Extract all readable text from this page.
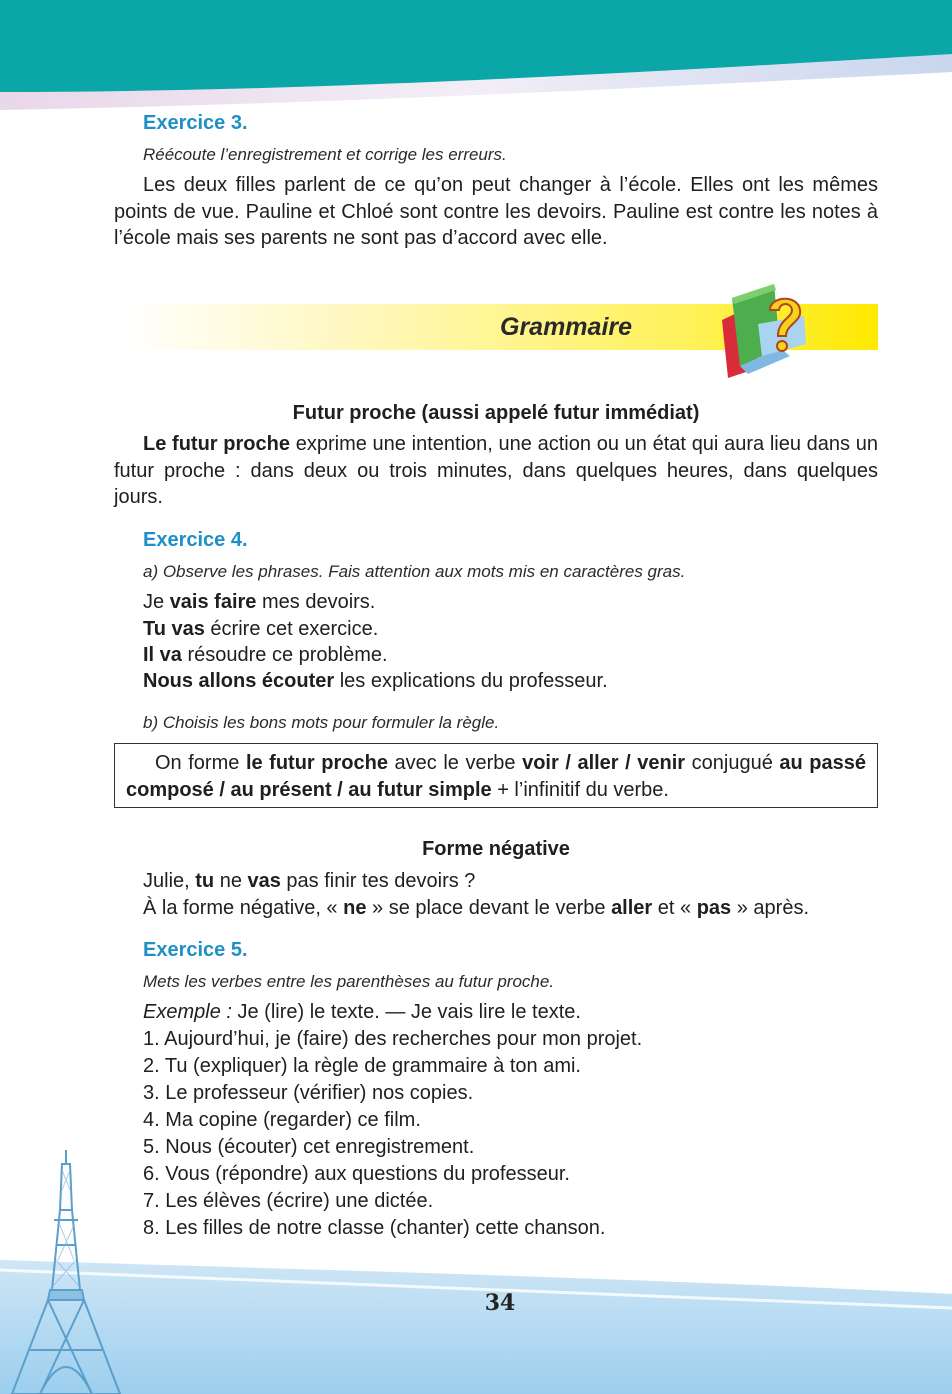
Exercice 3.
Réécoute l’enregistrement et corrige les erreurs.
Les deux filles parlent de ce qu’on peut changer à l’école. Elles ont les mêmes points de vue. Pauline et Chloé sont contre les devoirs. Pauline est contre les notes à l’école mais ses parents ne sont pas d’accord avec elle.
Grammaire
Futur proche (aussi appelé futur immédiat)
Le futur proche exprime une intention, une action ou un état qui aura lieu dans un futur proche : dans deux ou trois minutes, dans quelques heures, dans quelques jours.
Exercice 4.
a) Observe les phrases. Fais attention aux mots mis en caractères gras.
Je vais faire mes devoirs.
Tu vas écrire cet exercice.
Il va résoudre ce problème.
Nous allons écouter les explications du professeur.
b) Choisis les bons mots pour formuler la règle.
On forme le futur proche avec le verbe voir / aller / venir conjugué au passé composé / au présent / au futur simple + l’infinitif du verbe.
Forme négative
Julie, tu ne vas pas finir tes devoirs ?
À la forme négative, « ne » se place devant le verbe aller et « pas » après.
Exercice 5.
Mets les verbes entre les parenthèses au futur proche.
Exemple : Je (lire) le texte. — Je vais lire le texte.
1. Aujourd’hui, je (faire) des recherches pour mon projet.
2. Tu (expliquer) la règle de grammaire à ton ami.
3. Le professeur (vérifier) nos copies.
4. Ma copine (regarder) ce film.
5. Nous (écouter) cet enregistrement.
6. Vous (répondre) aux questions du professeur.
7. Les élèves (écrire) une dictée.
8. Les filles de notre classe (chanter) cette chanson.
34
